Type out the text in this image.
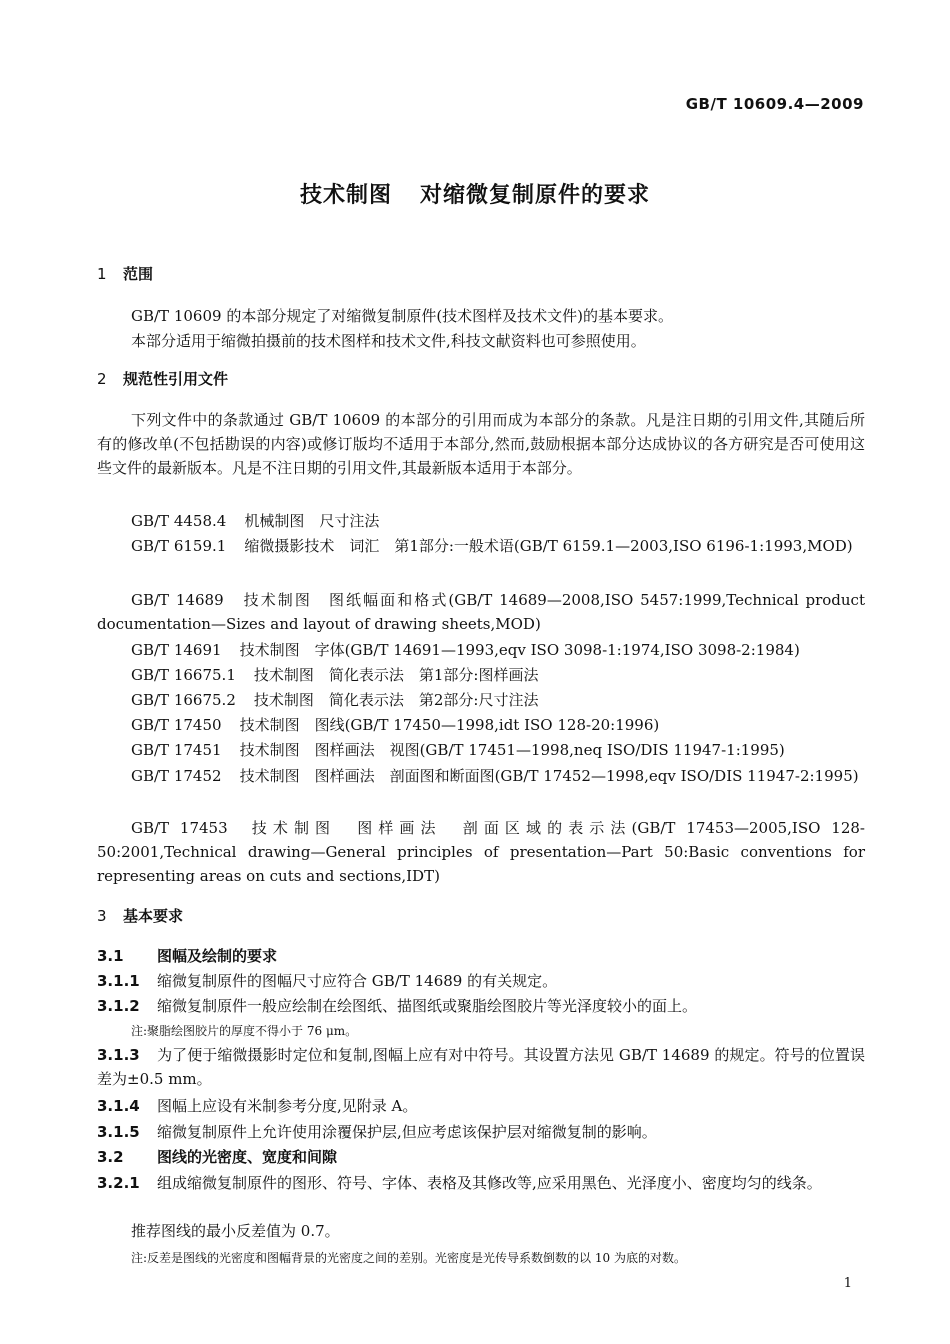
GB/T 10609.4—2009
技术制图 对缩微复制原件的要求
1 范围
GB/T 10609 的本部分规定了对缩微复制原件(技术图样及技术文件)的基本要求。
本部分适用于缩微拍摄前的技术图样和技术文件,科技文献资料也可参照使用。
2 规范性引用文件
下列文件中的条款通过 GB/T 10609 的本部分的引用而成为本部分的条款。凡是注日期的引用文件,其随后所有的修改单(不包括勘误的内容)或修订版均不适用于本部分,然而,鼓励根据本部分达成协议的各方研究是否可使用这些文件的最新版本。凡是不注日期的引用文件,其最新版本适用于本部分。
GB/T 4458.4 机械制图　尺寸注法
GB/T 6159.1 缩微摄影技术　词汇　第1部分:一般术语(GB/T 6159.1—2003,ISO 6196-1:1993,MOD)
GB/T 14689 技术制图　图纸幅面和格式(GB/T 14689—2008,ISO 5457:1999,Technical product documentation—Sizes and layout of drawing sheets,MOD)
GB/T 14691 技术制图　字体(GB/T 14691—1993,eqv ISO 3098-1:1974,ISO 3098-2:1984)
GB/T 16675.1 技术制图　简化表示法　第1部分:图样画法
GB/T 16675.2 技术制图　简化表示法　第2部分:尺寸注法
GB/T 17450 技术制图　图线(GB/T 17450—1998,idt ISO 128-20:1996)
GB/T 17451 技术制图　图样画法　视图(GB/T 17451—1998,neq ISO/DIS 11947-1:1995)
GB/T 17452 技术制图　图样画法　剖面图和断面图(GB/T 17452—1998,eqv ISO/DIS 11947-2:1995)
GB/T 17453 技术制图　图样画法　剖面区域的表示法(GB/T 17453—2005,ISO 128-50:2001,Technical drawing—General principles of presentation—Part 50:Basic conventions for representing areas on cuts and sections,IDT)
3 基本要求
3.1 图幅及绘制的要求
3.1.1 缩微复制原件的图幅尺寸应符合 GB/T 14689 的有关规定。
3.1.2 缩微复制原件一般应绘制在绘图纸、描图纸或聚脂绘图胶片等光泽度较小的面上。
注:聚脂绘图胶片的厚度不得小于 76 μm。
3.1.3 为了便于缩微摄影时定位和复制,图幅上应有对中符号。其设置方法见 GB/T 14689 的规定。符号的位置误差为±0.5 mm。
3.1.4 图幅上应设有米制参考分度,见附录 A。
3.1.5 缩微复制原件上允许使用涂覆保护层,但应考虑该保护层对缩微复制的影响。
3.2 图线的光密度、宽度和间隙
3.2.1 组成缩微复制原件的图形、符号、字体、表格及其修改等,应采用黑色、光泽度小、密度均匀的线条。
推荐图线的最小反差值为 0.7。
注:反差是图线的光密度和图幅背景的光密度之间的差别。光密度是光传导系数倒数的以 10 为底的对数。
1
